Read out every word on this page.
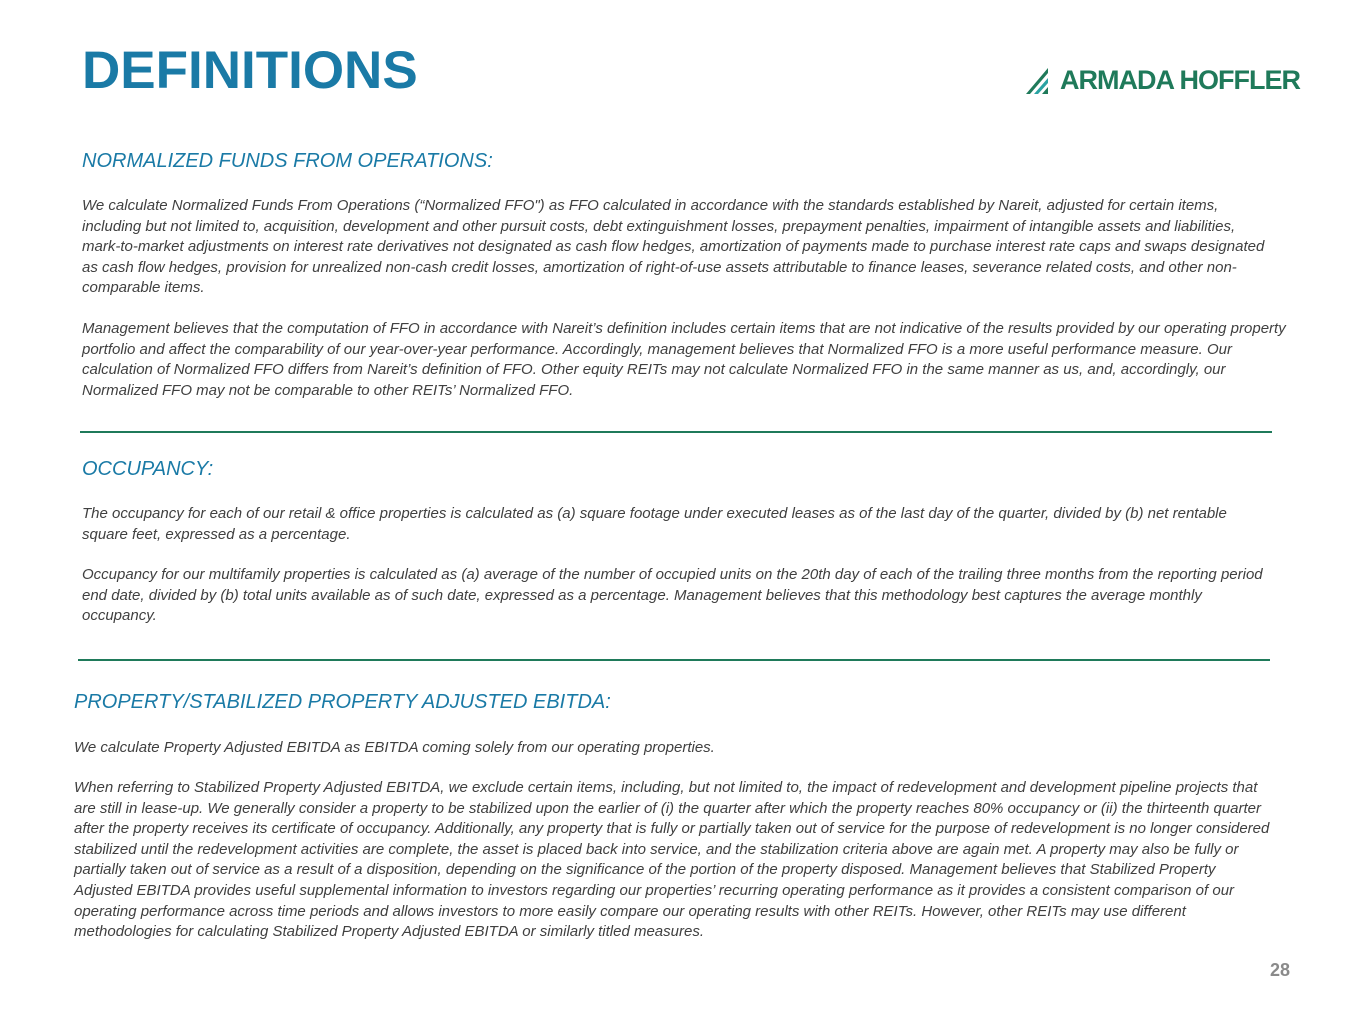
DEFINITIONS	ARMADA HOFFLER
NORMALIZED FUNDS FROM OPERATIONS:

We calculate Normalized Funds From Operations (“Normalized FFO") as FFO calculated in accordance with the standards established by Nareit, adjusted for certain items, including but not limited to, acquisition, development and other pursuit costs, debt extinguishment losses, prepayment penalties, impairment of intangible assets and liabilities, mark-to-market adjustments on interest rate derivatives not designated as cash flow hedges, amortization of payments made to purchase interest rate caps and swaps designated as cash flow hedges, provision for unrealized non-cash credit losses, amortization of right-of-use assets attributable to finance leases, severance related costs, and other non-comparable items.

Management believes that the computation of FFO in accordance with Nareit’s definition includes certain items that are not indicative of the results provided by our operating property portfolio and affect the comparability of our year-over-year performance. Accordingly, management believes that Normalized FFO is a more useful performance measure. Our calculation of Normalized FFO differs from Nareit’s definition of FFO. Other equity REITs may not calculate Normalized FFO in the same manner as us, and, accordingly, our Normalized FFO may not be comparable to other REITs’ Normalized FFO.

OCCUPANCY:

The occupancy for each of our retail & office properties is calculated as (a) square footage under executed leases as of the last day of the quarter, divided by (b) net rentable square feet, expressed as a percentage.

Occupancy for our multifamily properties is calculated as (a) average of the number of occupied units on the 20th day of each of the trailing three months from the reporting period end date, divided by (b) total units available as of such date, expressed as a percentage. Management believes that this methodology best captures the average monthly occupancy.

PROPERTY/STABILIZED PROPERTY ADJUSTED EBITDA:

We calculate Property Adjusted EBITDA as EBITDA coming solely from our operating properties.

When referring to Stabilized Property Adjusted EBITDA, we exclude certain items, including, but not limited to, the impact of redevelopment and development pipeline projects that are still in lease-up. We generally consider a property to be stabilized upon the earlier of (i) the quarter after which the property reaches 80% occupancy or (ii) the thirteenth quarter after the property receives its certificate of occupancy. Additionally, any property that is fully or partially taken out of service for the purpose of redevelopment is no longer considered stabilized until the redevelopment activities are complete, the asset is placed back into service, and the stabilization criteria above are again met. A property may also be fully or partially taken out of service as a result of a disposition, depending on the significance of the portion of the property disposed. Management believes that Stabilized Property Adjusted EBITDA provides useful supplemental information to investors regarding our properties’ recurring operating performance as it provides a consistent comparison of our operating performance across time periods and allows investors to more easily compare our operating results with other REITs. However, other REITs may use different methodologies for calculating Stabilized Property Adjusted EBITDA or similarly titled measures.

28
